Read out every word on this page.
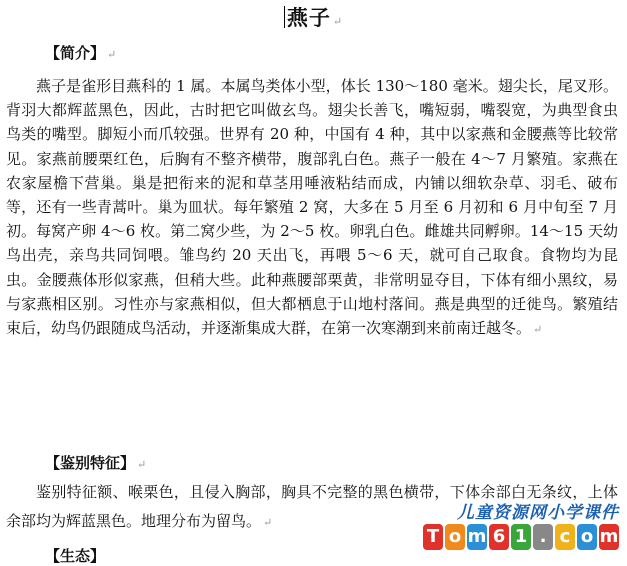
燕子 ↵
【简介】 ↵

燕子是雀形目燕科的 1 属。本属鸟类体小型，体长 130～180 毫米。翅尖长，尾叉形。背羽大都辉蓝黑色，因此，古时把它叫做玄鸟。翅尖长善飞，嘴短弱，嘴裂宽，为典型食虫鸟类的嘴型。脚短小而爪较强。世界有 20 种，中国有 4 种，其中以家燕和金腰燕等比较常见。家燕前腰栗红色，后胸有不整齐横带，腹部乳白色。燕子一般在 4～7 月繁殖。家燕在农家屋檐下营巢。巢是把衔来的泥和草茎用唾液粘结而成，内铺以细软杂草、羽毛、破布等，还有一些青蒿叶。巢为皿状。每年繁殖 2 窝，大多在 5 月至 6 月初和 6 月中旬至 7 月初。每窝产卵 4～6 枚。第二窝少些，为 2～5 枚。卵乳白色。雌雄共同孵卵。14～15 天幼鸟出壳，亲鸟共同饲喂。雏鸟约 20 天出飞，再喂 5～6 天，就可自己取食。食物均为昆虫。金腰燕体形似家燕，但稍大些。此种燕腰部栗黄，非常明显夺目，下体有细小黑纹，易与家燕相区别。习性亦与家燕相似，但大都栖息于山地村落间。燕是典型的迁徙鸟。繁殖结束后，幼鸟仍跟随成鸟活动，并逐渐集成大群，在第一次寒潮到来前南迁越冬。 ↵

【鉴别特征】 ↵

鉴别特征额、喉栗色，且侵入胸部，胸具不完整的黑色横带，下体余部白无条纹，上体余部均为辉蓝黑色。地理分布为留鸟。 ↵

【生态】
儿童资源网小学课件
T o m 6 1 . c o m
